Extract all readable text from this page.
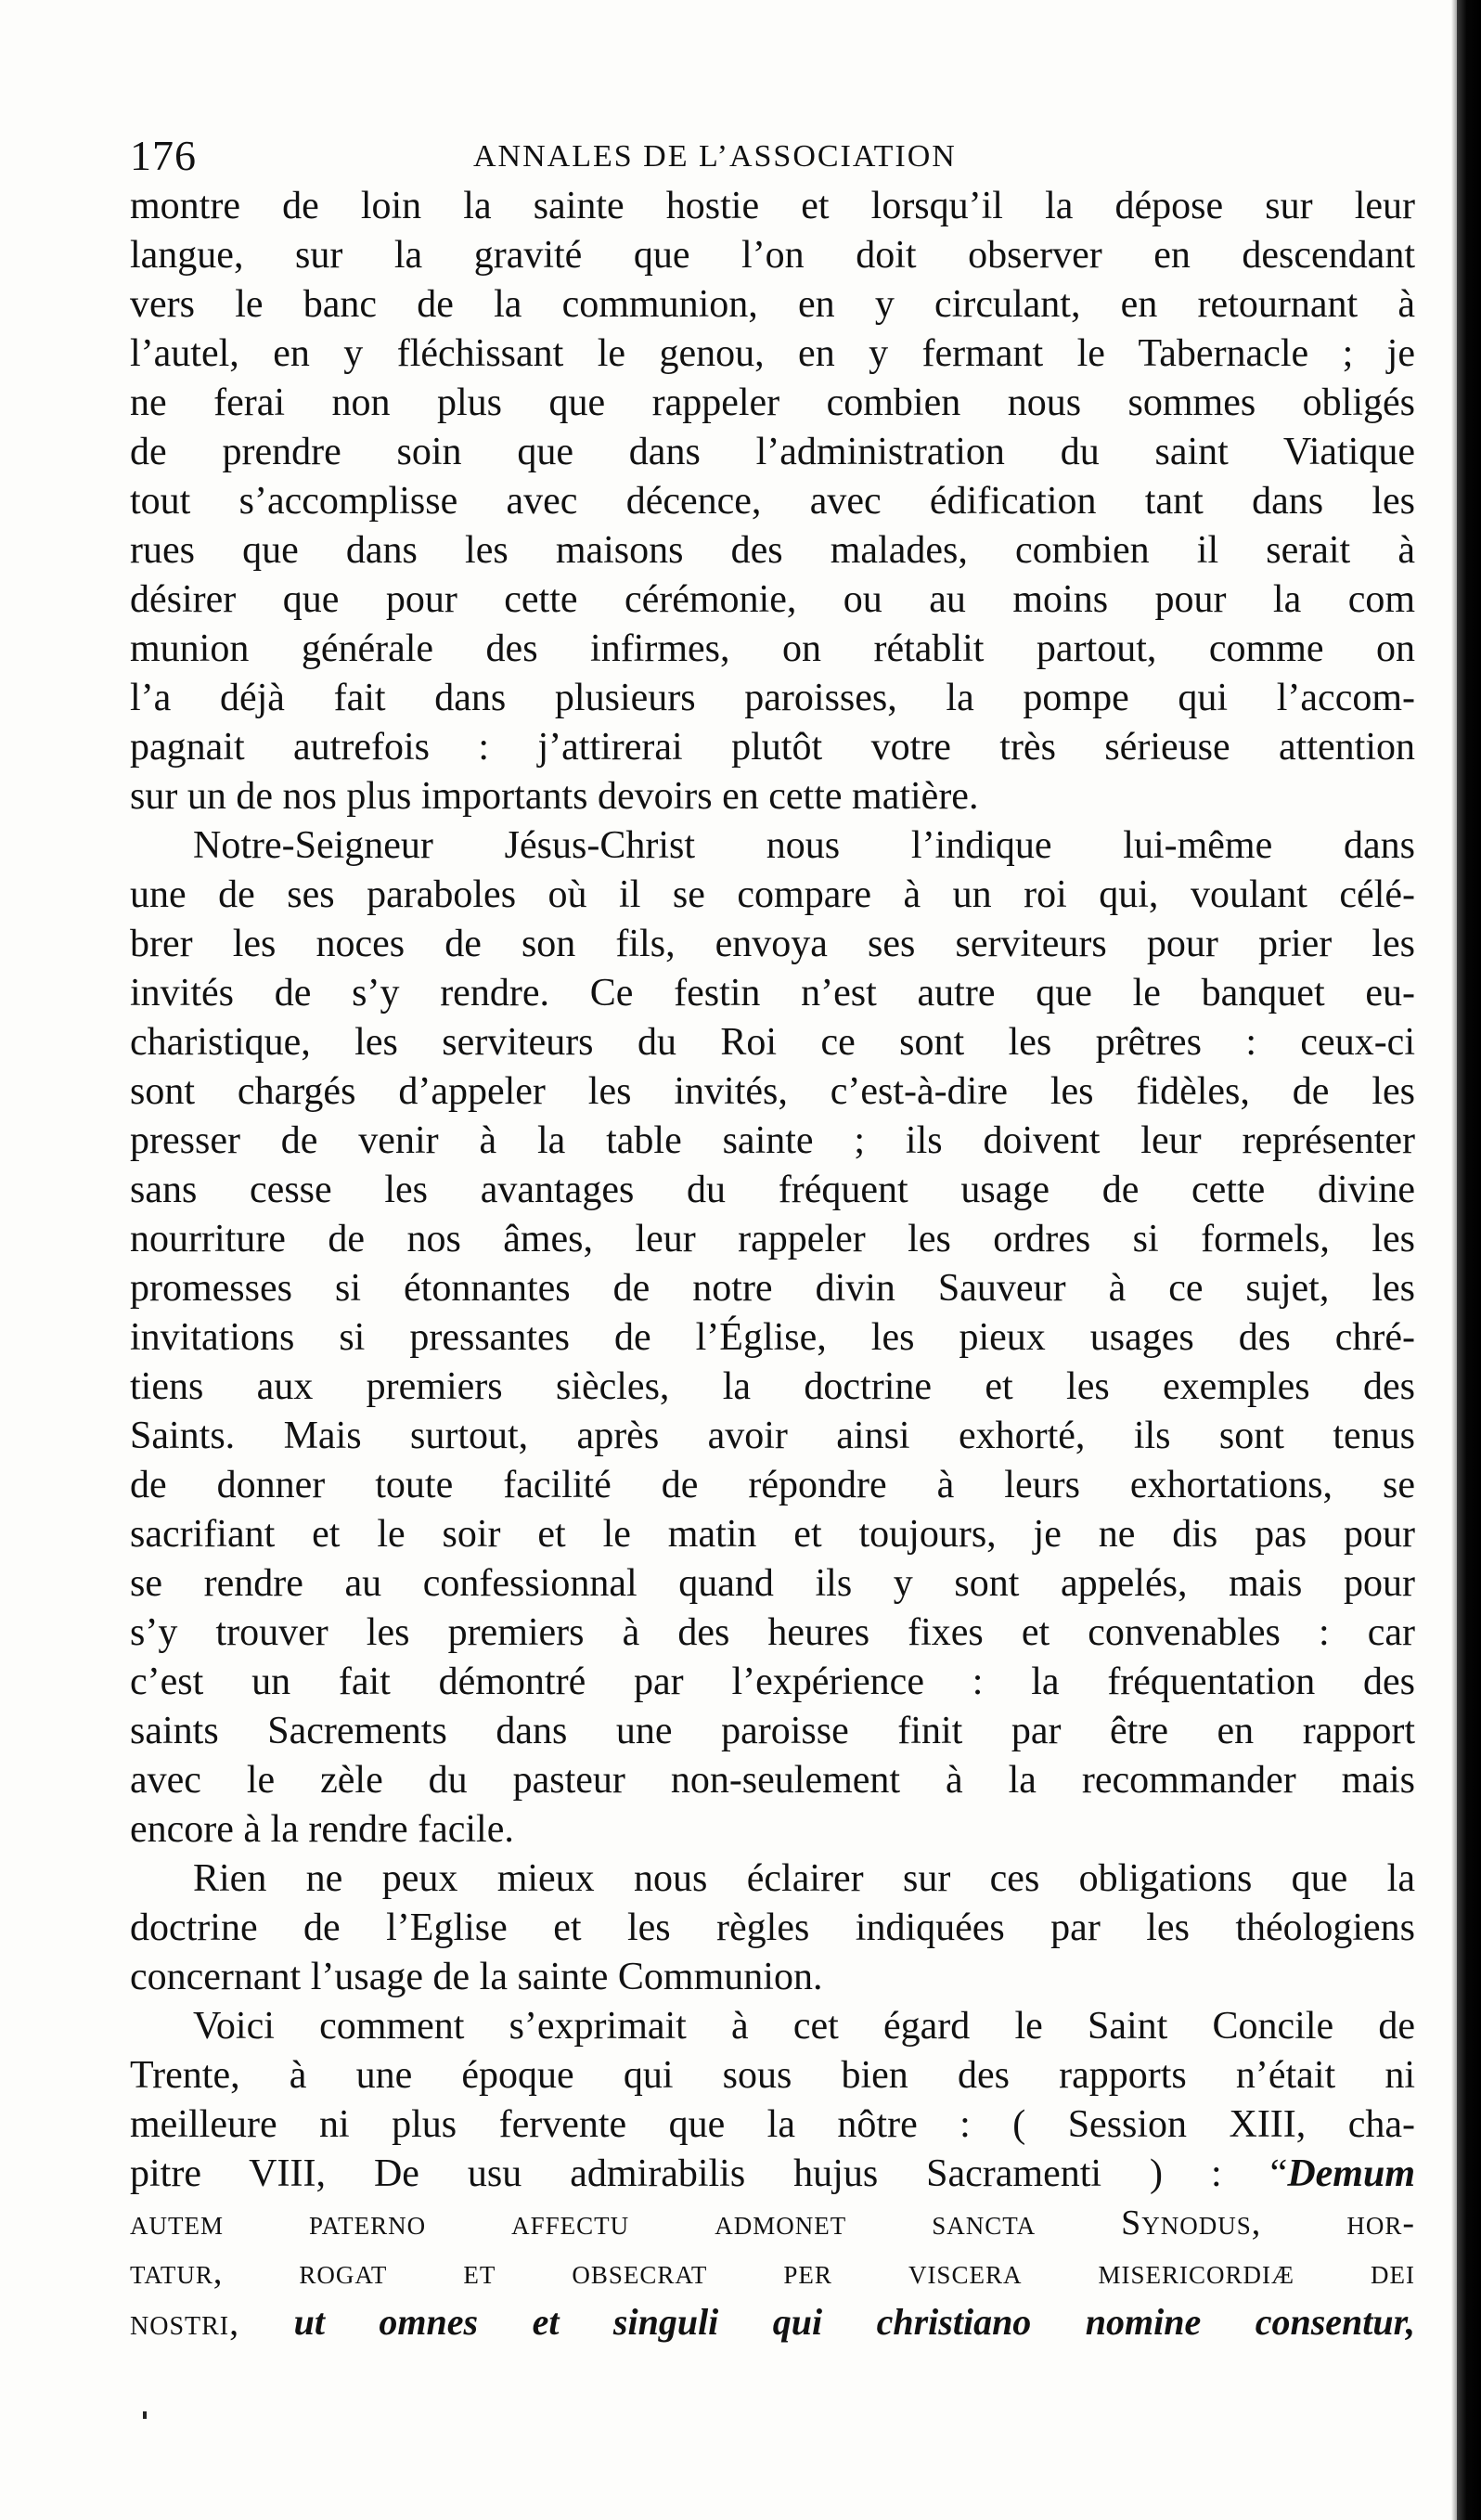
176	ANNALES DE L’ASSOCIATION
montre de loin la sainte hostie et lorsqu’il la dépose sur leur
langue, sur la gravité que l’on doit observer en descendant
vers le banc de la communion, en y circulant, en retournant à
l’autel, en y fléchissant le genou, en y fermant le Tabernacle ; je
ne ferai non plus que rappeler combien nous sommes obligés
de prendre soin que dans l’administration du saint Viatique
tout s’accomplisse avec décence, avec édification tant dans les
rues que dans les maisons des malades, combien il serait à
désirer que pour cette cérémonie, ou au moins pour la com
munion générale des infirmes, on rétablit partout, comme on
l’a déjà fait dans plusieurs paroisses, la pompe qui l’accom-
pagnait autrefois : j’attirerai plutôt votre très sérieuse attention
sur un de nos plus importants devoirs en cette matière.
Notre-Seigneur Jésus-Christ nous l’indique lui-même dans
une de ses paraboles où il se compare à un roi qui, voulant célé-
brer les noces de son fils, envoya ses serviteurs pour prier les
invités de s’y rendre. Ce festin n’est autre que le banquet eu-
charistique, les serviteurs du Roi ce sont les prêtres : ceux-ci
sont chargés d’appeler les invités, c’est-à-dire les fidèles, de les
presser de venir à la table sainte ; ils doivent leur représenter
sans cesse les avantages du fréquent usage de cette divine
nourriture de nos âmes, leur rappeler les ordres si formels, les
promesses si étonnantes de notre divin Sauveur à ce sujet, les
invitations si pressantes de l’Église, les pieux usages des chré-
tiens aux premiers siècles, la doctrine et les exemples des
Saints. Mais surtout, après avoir ainsi exhorté, ils sont tenus
de donner toute facilité de répondre à leurs exhortations, se
sacrifiant et le soir et le matin et toujours, je ne dis pas pour
se rendre au confessionnal quand ils y sont appelés, mais pour
s’y trouver les premiers à des heures fixes et convenables : car
c’est un fait démontré par l’expérience : la fréquentation des
saints Sacrements dans une paroisse finit par être en rapport
avec le zèle du pasteur non-seulement à la recommander mais
encore à la rendre facile.
Rien ne peux mieux nous éclairer sur ces obligations que la
doctrine de l’Eglise et les règles indiquées par les théologiens
concernant l’usage de la sainte Communion.
Voici comment s’exprimait à cet égard le Saint Concile de
Trente, à une époque qui sous bien des rapports n’était ni
meilleure ni plus fervente que la nôtre : ( Session XIII, cha-
pitre VIII, De usu admirabilis hujus Sacramenti ) : “Demum
autem paterno affectu admonet sancta Synodus, hor-
tatur, rogat et obsecrat per viscera misericordiæ dei
nostri, ut omnes et singuli qui christiano nomine consentur,
